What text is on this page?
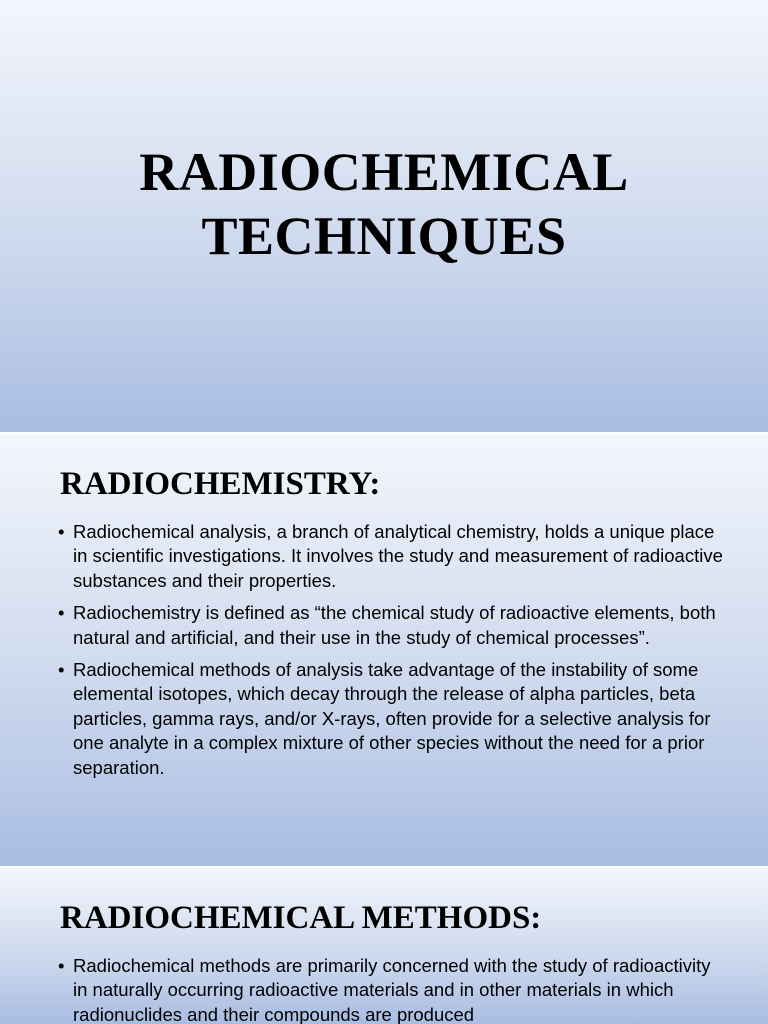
RADIOCHEMICAL
TECHNIQUES
RADIOCHEMISTRY:
• Radiochemical analysis, a branch of analytical chemistry, holds a unique place in scientific investigations. It involves the study and measurement of radioactive substances and their properties.
• Radiochemistry is defined as “the chemical study of radioactive elements, both natural and artificial, and their use in the study of chemical processes”.
• Radiochemical methods of analysis take advantage of the instability of some elemental isotopes, which decay through the release of alpha particles, beta particles, gamma rays, and/or X-rays, often provide for a selective analysis for one analyte in a complex mixture of other species without the need for a prior separation.
RADIOCHEMICAL METHODS:
• Radiochemical methods are primarily concerned with the study of radioactivity in naturally occurring radioactive materials and in other materials in which radionuclides and their compounds are produced
